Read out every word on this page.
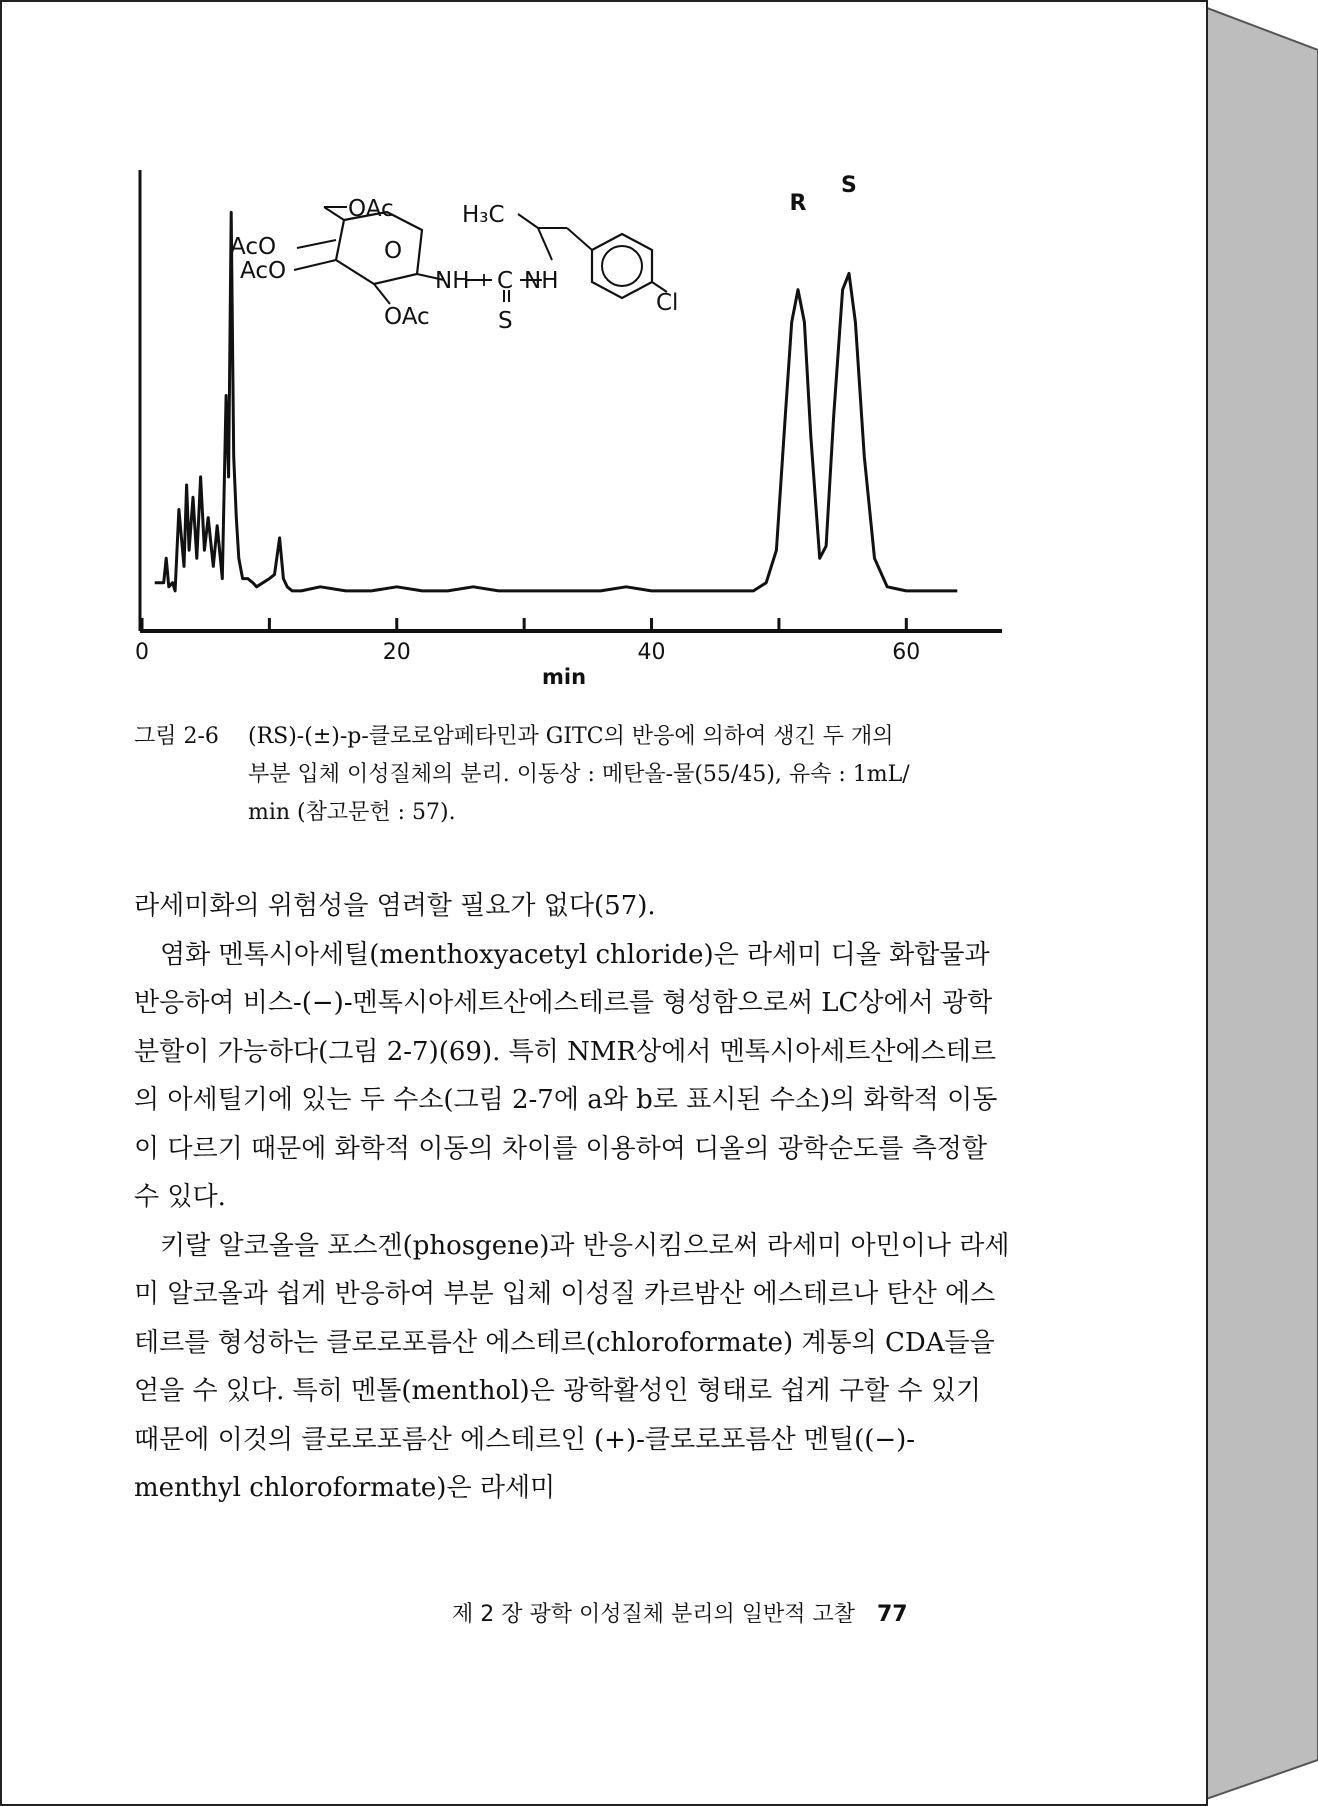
0	20	40	60
min
R
S
OAc
AcO
AcO
O
OAc
NH C NH
S
H₃C
Cl
그림 2-6 (RS)-(±)-p-클로로암페타민과 GITC의 반응에 의하여 생긴 두 개의
부분 입체 이성질체의 분리. 이동상 : 메탄올-물(55/45), 유속 : 1mL/
min (참고문헌 : 57).

라세미화의 위험성을 염려할 필요가 없다(57).

염화 멘톡시아세틸(menthoxyacetyl chloride)은 라세미 디올 화합물과 반응하여 비스-(−)-멘톡시아세트산에스테르를 형성함으로써 LC상에서 광학분할이 가능하다(그림 2-7)(69). 특히 NMR상에서 멘톡시아세트산에스테르의 아세틸기에 있는 두 수소(그림 2-7에 a와 b로 표시된 수소)의 화학적 이동이 다르기 때문에 화학적 이동의 차이를 이용하여 디올의 광학순도를 측정할 수 있다.

키랄 알코올을 포스겐(phosgene)과 반응시킴으로써 라세미 아민이나 라세미 알코올과 쉽게 반응하여 부분 입체 이성질 카르밤산 에스테르나 탄산 에스테르를 형성하는 클로로포름산 에스테르(chloroformate) 계통의 CDA들을 얻을 수 있다. 특히 멘톨(menthol)은 광학활성인 형태로 쉽게 구할 수 있기 때문에 이것의 클로로포름산 에스테르인 (+)-클로로포름산 멘틸((−)-menthyl chloroformate)은 라세미

제 2 장 광학 이성질체 분리의 일반적 고찰 77
